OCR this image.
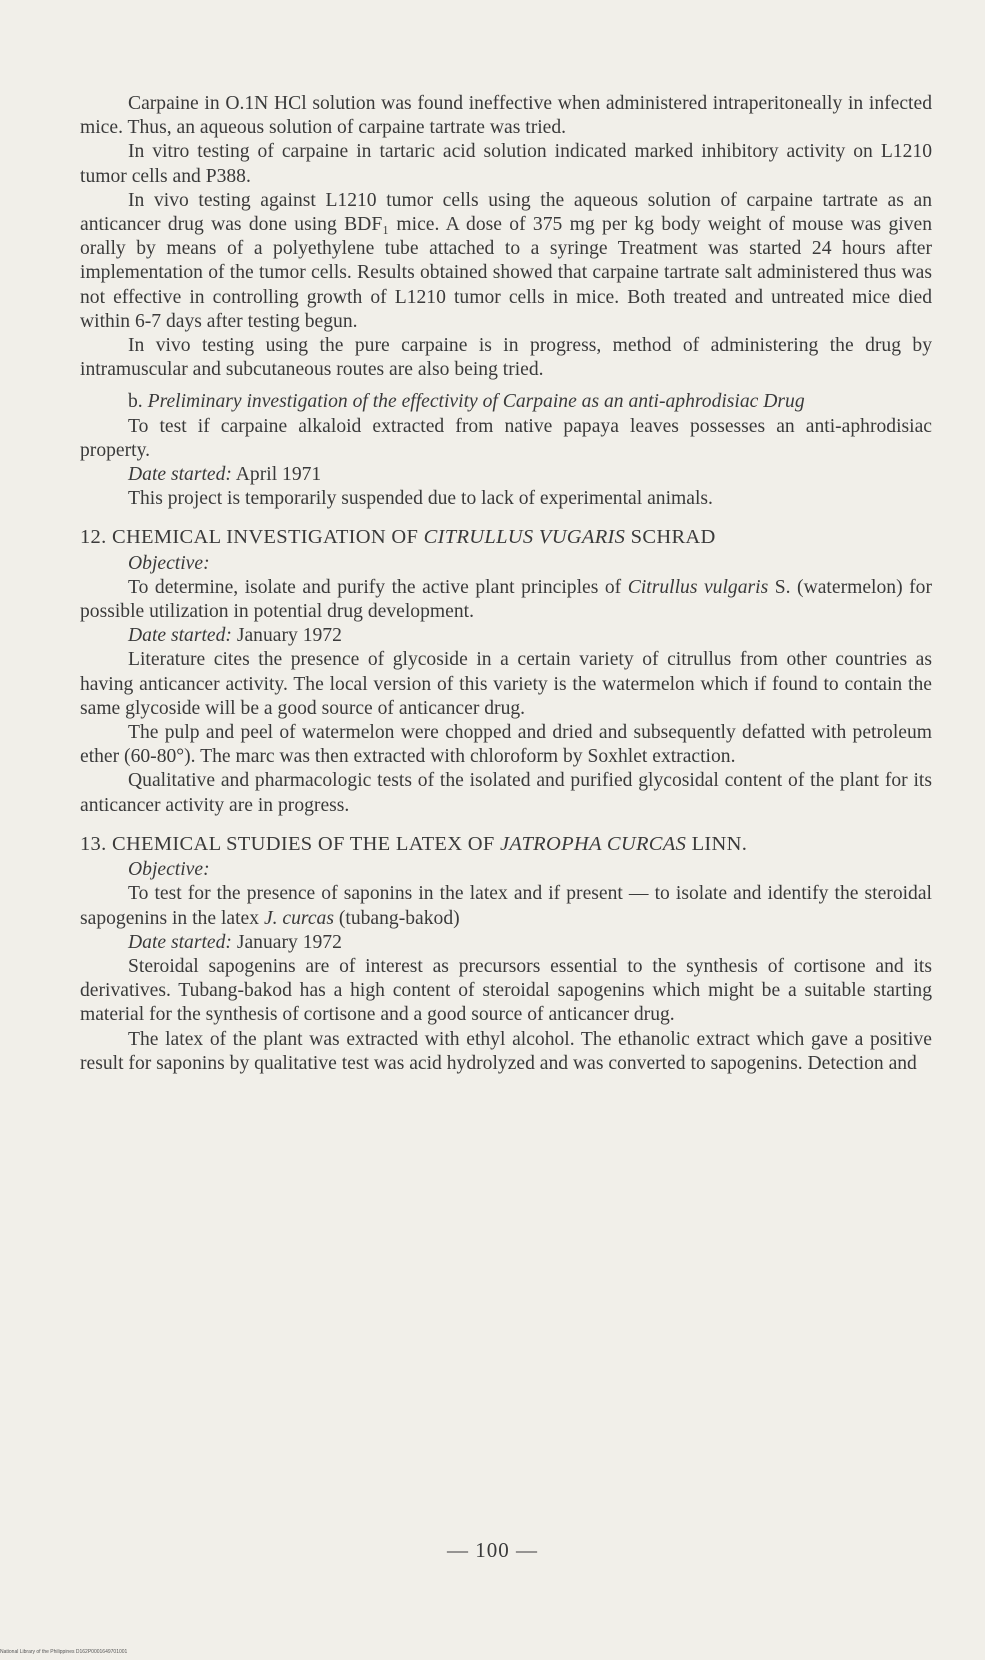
Carpaine in O.1N HCl solution was found ineffective when administered intraperitoneally in infected mice. Thus, an aqueous solution of carpaine tartrate was tried.

In vitro testing of carpaine in tartaric acid solution indicated marked inhibitory activity on L1210 tumor cells and P388.

In vivo testing against L1210 tumor cells using the aqueous solution of carpaine tartrate as an anticancer drug was done using BDF₁ mice. A dose of 375 mg per kg body weight of mouse was given orally by means of a polyethylene tube attached to a syringe Treatment was started 24 hours after implementation of the tumor cells. Results obtained showed that carpaine tartrate salt administered thus was not effective in controlling growth of L1210 tumor cells in mice. Both treated and untreated mice died within 6-7 days after testing begun.

In vivo testing using the pure carpaine is in progress, method of administering the drug by intramuscular and subcutaneous routes are also being tried.

b. Preliminary investigation of the effectivity of Carpaine as an anti-aphrodisiac Drug

To test if carpaine alkaloid extracted from native papaya leaves possesses an anti-aphrodisiac property.

Date started: April 1971

This project is temporarily suspended due to lack of experimental animals.

12. CHEMICAL INVESTIGATION OF CITRULLUS VUGARIS SCHRAD

Objective:

To determine, isolate and purify the active plant principles of Citrullus vulgaris S. (watermelon) for possible utilization in potential drug development.

Date started: January 1972

Literature cites the presence of glycoside in a certain variety of citrullus from other countries as having anticancer activity. The local version of this variety is the watermelon which if found to contain the same glycoside will be a good source of anticancer drug.

The pulp and peel of watermelon were chopped and dried and subsequently defatted with petroleum ether (60-80°). The marc was then extracted with chloroform by Soxhlet extraction.

Qualitative and pharmacologic tests of the isolated and purified glycosidal content of the plant for its anticancer activity are in progress.

13. CHEMICAL STUDIES OF THE LATEX OF JATROPHA CURCAS LINN.

Objective:

To test for the presence of saponins in the latex and if present — to isolate and identify the steroidal sapogenins in the latex J. curcas (tubang-bakod)

Date started: January 1972

Steroidal sapogenins are of interest as precursors essential to the synthesis of cortisone and its derivatives. Tubang-bakod has a high content of steroidal sapogenins which might be a suitable starting material for the synthesis of cortisone and a good source of anticancer drug.

The latex of the plant was extracted with ethyl alcohol. The ethanolic extract which gave a positive result for saponins by qualitative test was acid hydrolyzed and was converted to sapogenins. Detection and

— 100 —
National Library of the Philippines D162P0001649701001
